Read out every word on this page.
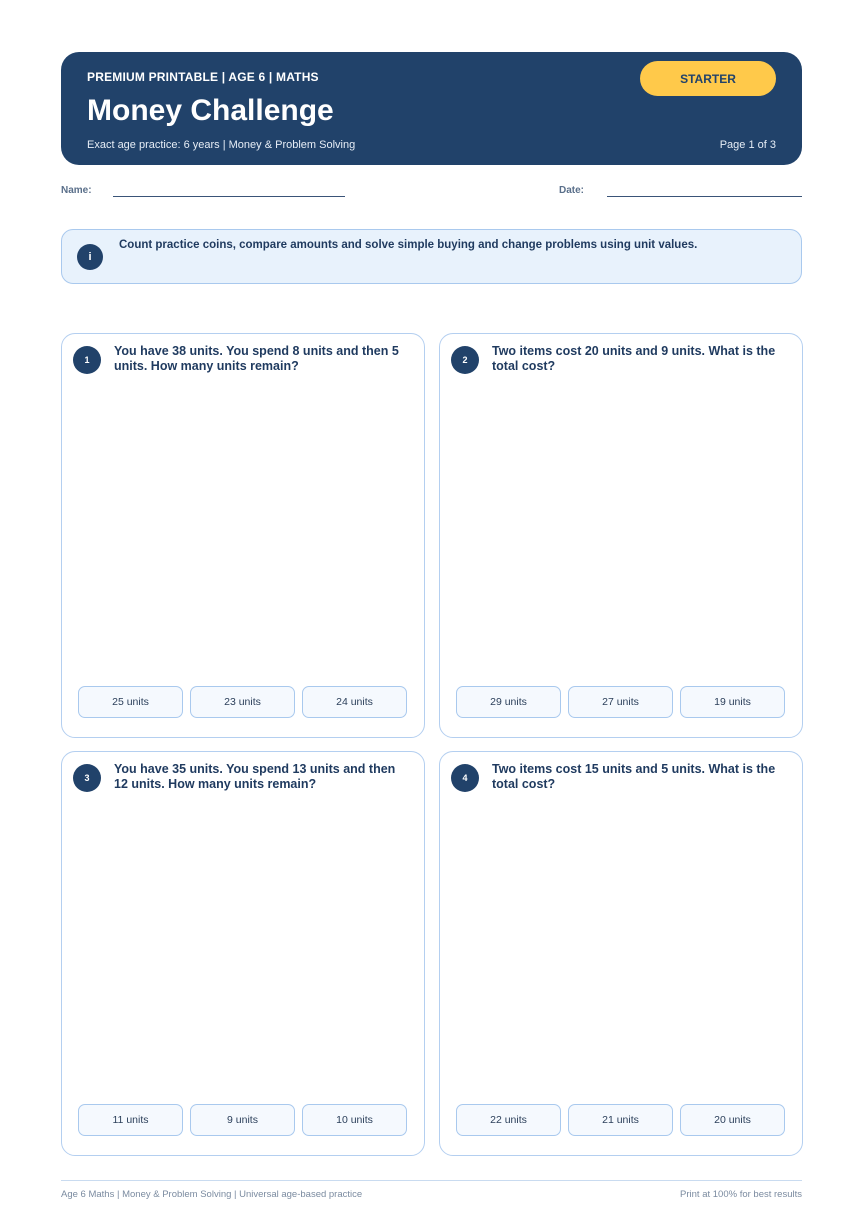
PREMIUM PRINTABLE | AGE 6 | MATHS
Money Challenge
Exact age practice: 6 years | Money & Problem Solving	Page 1 of 3
STARTER
Name:	Date:
i
Count practice coins, compare amounts and solve simple buying and change problems using unit values.
1
You have 38 units. You spend 8 units and then 5 units. How many units remain?
25 units	23 units	24 units
2
Two items cost 20 units and 9 units. What is the total cost?
29 units	27 units	19 units
3
You have 35 units. You spend 13 units and then 12 units. How many units remain?
11 units	9 units	10 units
4
Two items cost 15 units and 5 units. What is the total cost?
22 units	21 units	20 units
Age 6 Maths | Money & Problem Solving | Universal age-based practice	Print at 100% for best results
